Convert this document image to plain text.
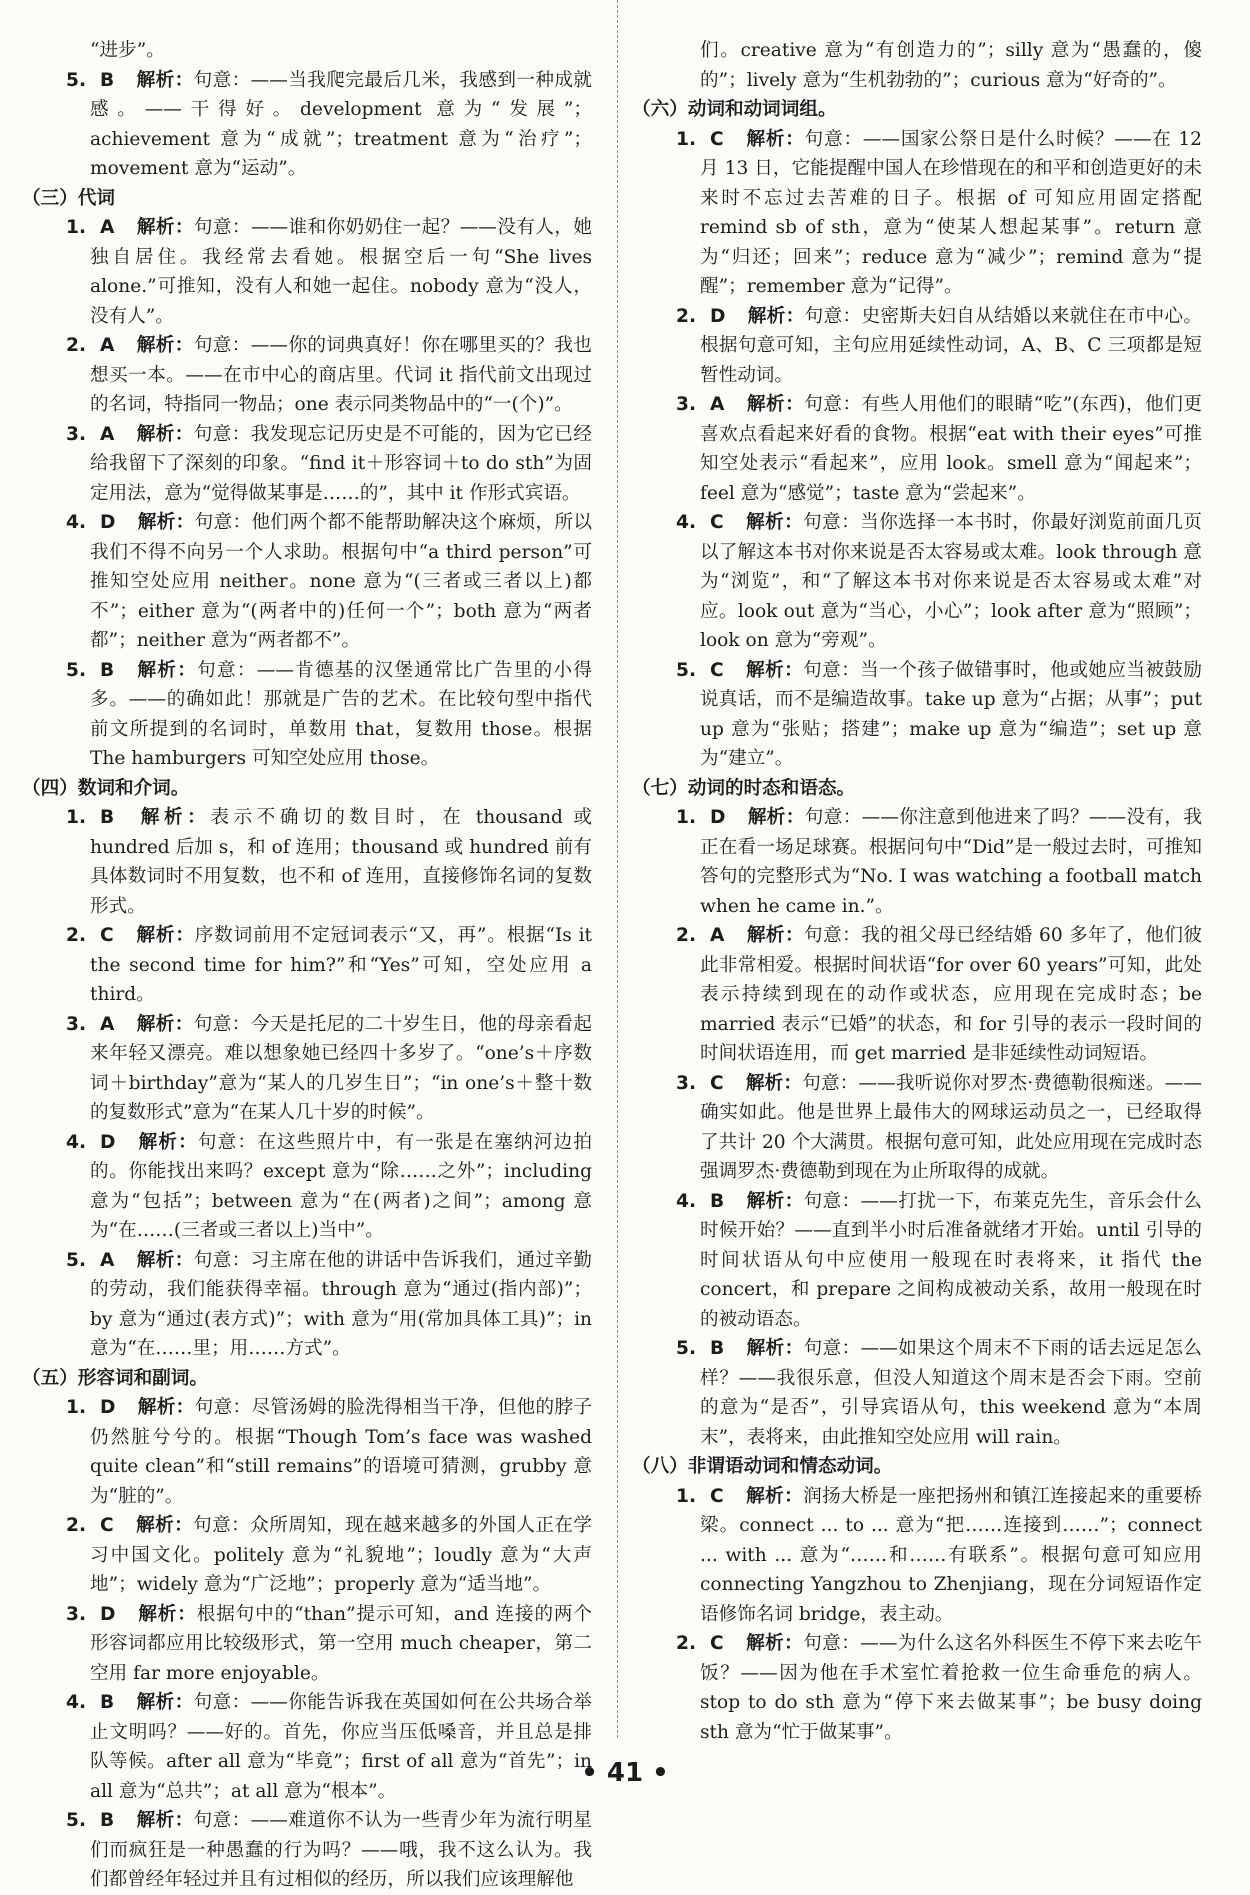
“进步”。
5. B 解析：句意：——当我爬完最后几米，我感到一种成就感。——干得好。development 意为“发展”；achievement 意为“成就”；treatment 意为“治疗”；movement 意为“运动”。
（三）代词
1. A 解析：句意：——谁和你奶奶住一起？——没有人，她独自居住。我经常去看她。根据空后一句“She lives alone.”可推知，没有人和她一起住。nobody 意为“没人，没有人”。
2. A 解析：句意：——你的词典真好！你在哪里买的？我也想买一本。——在市中心的商店里。代词 it 指代前文出现过的名词，特指同一物品；one 表示同类物品中的“一(个)”。
3. A 解析：句意：我发现忘记历史是不可能的，因为它已经给我留下了深刻的印象。“find it＋形容词＋to do sth”为固定用法，意为“觉得做某事是……的”，其中 it 作形式宾语。
4. D 解析：句意：他们两个都不能帮助解决这个麻烦，所以我们不得不向另一个人求助。根据句中“a third person”可推知空处应用 neither。none 意为“(三者或三者以上)都不”；either 意为“(两者中的)任何一个”；both 意为“两者都”；neither 意为“两者都不”。
5. B 解析：句意：——肯德基的汉堡通常比广告里的小得多。——的确如此！那就是广告的艺术。在比较句型中指代前文所提到的名词时，单数用 that，复数用 those。根据 The hamburgers 可知空处应用 those。
（四）数词和介词。
1. B 解析：表示不确切的数目时，在 thousand 或 hundred 后加 s，和 of 连用；thousand 或 hundred 前有具体数词时不用复数，也不和 of 连用，直接修饰名词的复数形式。
2. C 解析：序数词前用不定冠词表示“又，再”。根据“Is it the second time for him?”和“Yes”可知，空处应用 a third。
3. A 解析：句意：今天是托尼的二十岁生日，他的母亲看起来年轻又漂亮。难以想象她已经四十多岁了。“one’s＋序数词＋birthday”意为“某人的几岁生日”；“in one’s＋整十数的复数形式”意为“在某人几十岁的时候”。
4. D 解析：句意：在这些照片中，有一张是在塞纳河边拍的。你能找出来吗？except 意为“除……之外”；including 意为“包括”；between 意为“在(两者)之间”；among 意为“在……(三者或三者以上)当中”。
5. A 解析：句意：习主席在他的讲话中告诉我们，通过辛勤的劳动，我们能获得幸福。through 意为“通过(指内部)”；by 意为“通过(表方式)”；with 意为“用(常加具体工具)”；in 意为“在……里；用……方式”。
（五）形容词和副词。
1. D 解析：句意：尽管汤姆的脸洗得相当干净，但他的脖子仍然脏兮兮的。根据“Though Tom’s face was washed quite clean”和“still remains”的语境可猜测，grubby 意为“脏的”。
2. C 解析：句意：众所周知，现在越来越多的外国人正在学习中国文化。politely 意为“礼貌地”；loudly 意为“大声地”；widely 意为“广泛地”；properly 意为“适当地”。
3. D 解析：根据句中的“than”提示可知，and 连接的两个形容词都应用比较级形式，第一空用 much cheaper，第二空用 far more enjoyable。
4. B 解析：句意：——你能告诉我在英国如何在公共场合举止文明吗？——好的。首先，你应当压低嗓音，并且总是排队等候。after all 意为“毕竟”；first of all 意为“首先”；in all 意为“总共”；at all 意为“根本”。
5. B 解析：句意：——难道你不认为一些青少年为流行明星们而疯狂是一种愚蠢的行为吗？——哦，我不这么认为。我们都曾经年轻过并且有过相似的经历，所以我们应该理解他
们。creative 意为“有创造力的”；silly 意为“愚蠢的，傻的”；lively 意为“生机勃勃的”；curious 意为“好奇的”。
（六）动词和动词词组。
1. C 解析：句意：——国家公祭日是什么时候？——在 12 月 13 日，它能提醒中国人在珍惜现在的和平和创造更好的未来时不忘过去苦难的日子。根据 of 可知应用固定搭配 remind sb of sth，意为“使某人想起某事”。return 意为“归还；回来”；reduce 意为“减少”；remind 意为“提醒”；remember 意为“记得”。
2. D 解析：句意：史密斯夫妇自从结婚以来就住在市中心。根据句意可知，主句应用延续性动词，A、B、C 三项都是短暂性动词。
3. A 解析：句意：有些人用他们的眼睛“吃”(东西)，他们更喜欢点看起来好看的食物。根据“eat with their eyes”可推知空处表示“看起来”，应用 look。smell 意为“闻起来”；feel 意为“感觉”；taste 意为“尝起来”。
4. C 解析：句意：当你选择一本书时，你最好浏览前面几页以了解这本书对你来说是否太容易或太难。look through 意为“浏览”，和“了解这本书对你来说是否太容易或太难”对应。look out 意为“当心，小心”；look after 意为“照顾”；look on 意为“旁观”。
5. C 解析：句意：当一个孩子做错事时，他或她应当被鼓励说真话，而不是编造故事。take up 意为“占据；从事”；put up 意为“张贴；搭建”；make up 意为“编造”；set up 意为“建立”。
（七）动词的时态和语态。
1. D 解析：句意：——你注意到他进来了吗？——没有，我正在看一场足球赛。根据问句中“Did”是一般过去时，可推知答句的完整形式为“No. I was watching a football match when he came in.”。
2. A 解析：句意：我的祖父母已经结婚 60 多年了，他们彼此非常相爱。根据时间状语“for over 60 years”可知，此处表示持续到现在的动作或状态，应用现在完成时态；be married 表示“已婚”的状态，和 for 引导的表示一段时间的时间状语连用，而 get married 是非延续性动词短语。
3. C 解析：句意：——我听说你对罗杰·费德勒很痴迷。——确实如此。他是世界上最伟大的网球运动员之一，已经取得了共计 20 个大满贯。根据句意可知，此处应用现在完成时态强调罗杰·费德勒到现在为止所取得的成就。
4. B 解析：句意：——打扰一下，布莱克先生，音乐会什么时候开始？——直到半小时后准备就绪才开始。until 引导的时间状语从句中应使用一般现在时表将来，it 指代 the concert，和 prepare 之间构成被动关系，故用一般现在时的被动语态。
5. B 解析：句意：——如果这个周末不下雨的话去远足怎么样？——我很乐意，但没人知道这个周末是否会下雨。空前的意为“是否”，引导宾语从句，this weekend 意为“本周末”，表将来，由此推知空处应用 will rain。
（八）非谓语动词和情态动词。
1. C 解析：润扬大桥是一座把扬州和镇江连接起来的重要桥梁。connect ... to ... 意为“把……连接到……”；connect ... with ... 意为“……和……有联系”。根据句意可知应用 connecting Yangzhou to Zhenjiang，现在分词短语作定语修饰名词 bridge，表主动。
2. C 解析：句意：——为什么这名外科医生不停下来去吃午饭？——因为他在手术室忙着抢救一位生命垂危的病人。stop to do sth 意为“停下来去做某事”；be busy doing sth 意为“忙于做某事”。
• 41 •
